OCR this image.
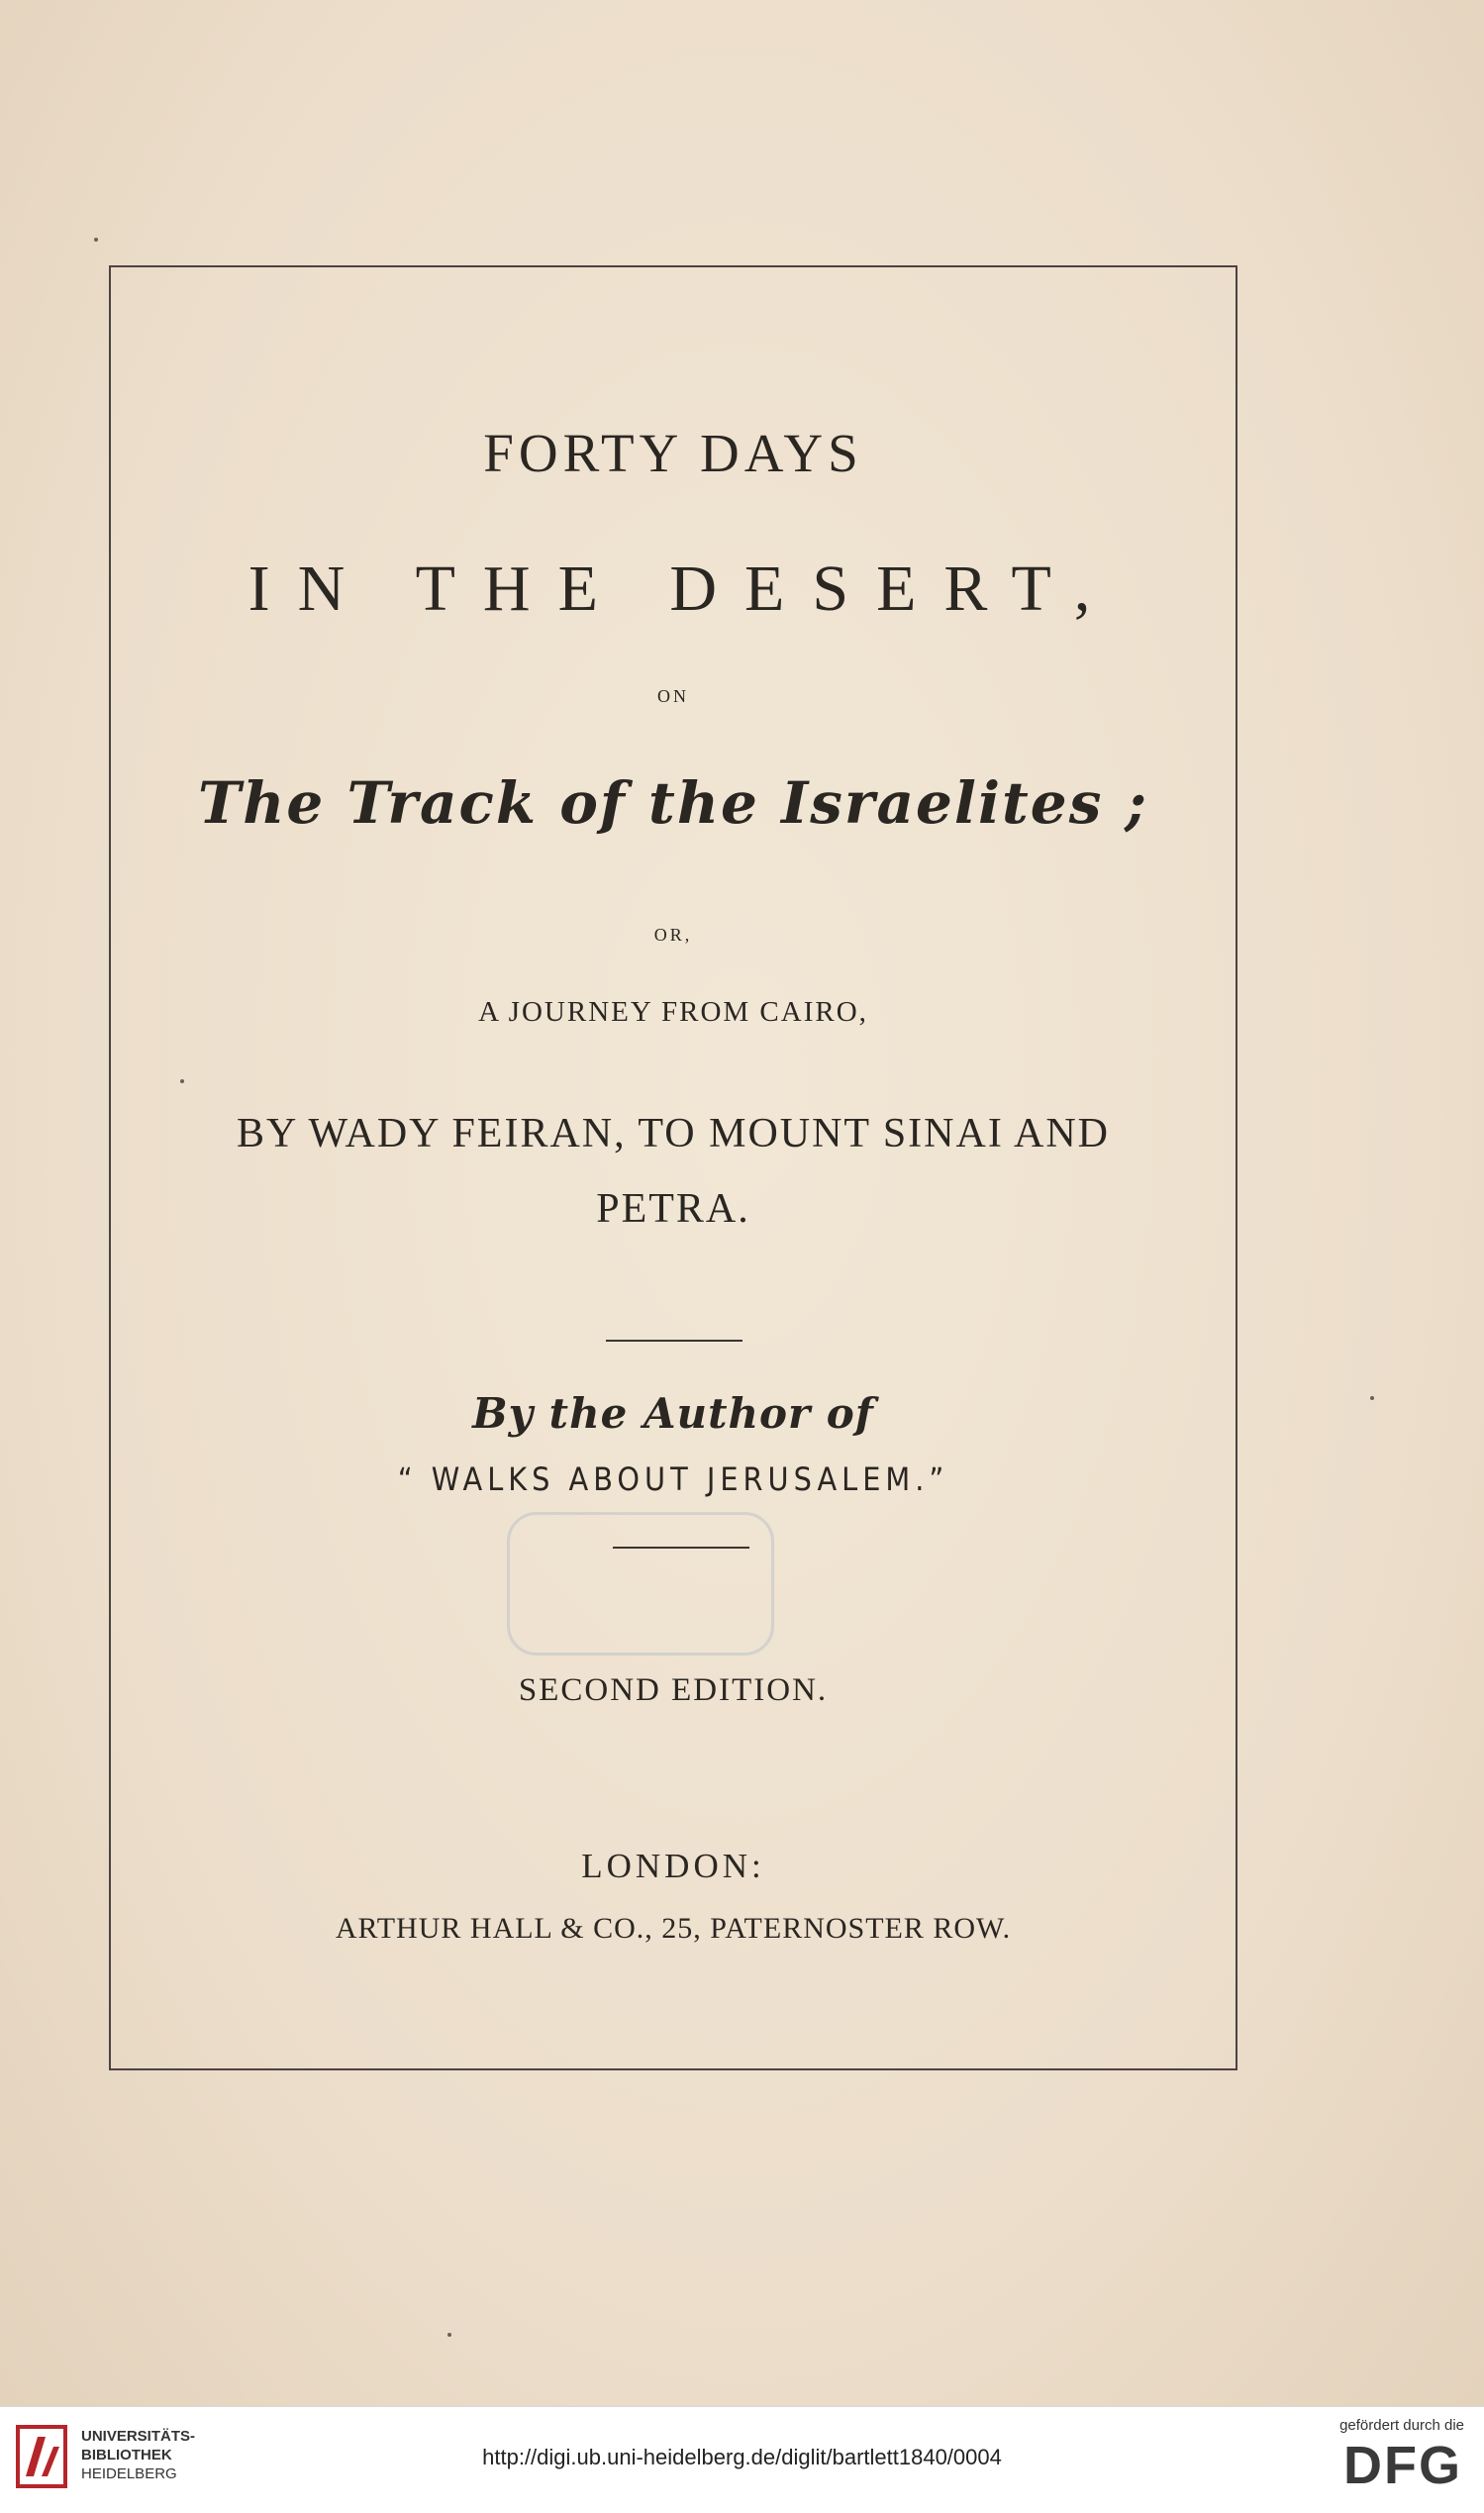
FORTY DAYS
IN THE DESERT,
ON
The Track of the Israelites ;
OR,
A JOURNEY FROM CAIRO,
BY WADY FEIRAN, TO MOUNT SINAI AND
PETRA.
By the Author of
“ WALKS ABOUT JERUSALEM.”
SECOND EDITION.
LONDON:
ARTHUR HALL & CO., 25, PATERNOSTER ROW.
UNIVERSITÄTS-
BIBLIOTHEK
HEIDELBERG
http://digi.ub.uni-heidelberg.de/diglit/bartlett1840/0004
gefördert durch die
DFG
